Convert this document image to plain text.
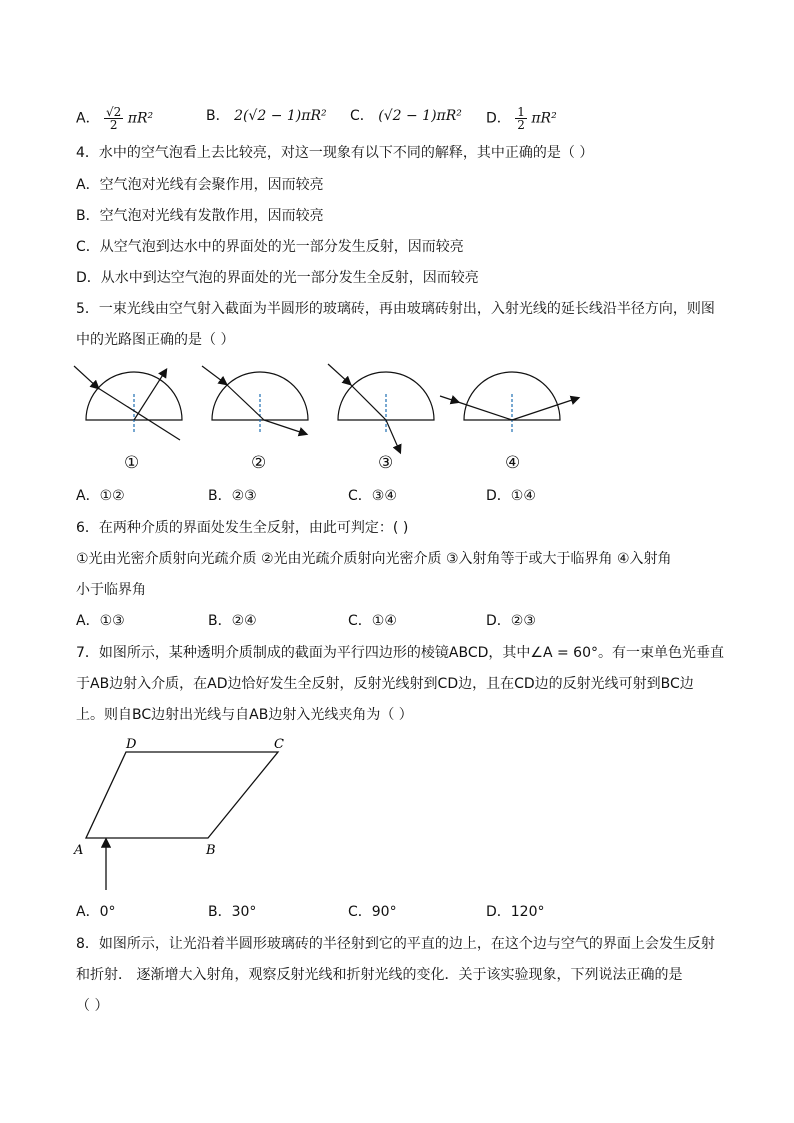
A． $\frac{√2}{2} \pi R^2$	B． 2(√2 − 1)πR² C． (√2 − 1)πR² D． $\frac{1}{2} \pi R^2$
4．水中的空气泡看上去比较亮，对这一现象有以下不同的解释，其中正确的是（ ）
A．空气泡对光线有会聚作用，因而较亮
B．空气泡对光线有发散作用，因而较亮
C．从空气泡到达水中的界面处的光一部分发生反射，因而较亮
D．从水中到达空气泡的界面处的光一部分发生全反射，因而较亮
5．一束光线由空气射入截面为半圆形的玻璃砖，再由玻璃砖射出，入射光线的延长线沿半径方向，则图
中的光路图正确的是（ ）
①	②	③	④
A．①②	B．②③	C．③④	D．①④
6．在两种介质的界面处发生全反射，由此可判定：( )
①光由光密介质射向光疏介质 ②光由光疏介质射向光密介质 ③入射角等于或大于临界角 ④入射角
小于临界角
A．①③	B．②④	C．①④	D．②③
7．如图所示，某种透明介质制成的截面为平行四边形的棱镜ABCD，其中∠A = 60°。有一束单色光垂直
于AB边射入介质，在AD边恰好发生全反射，反射光线射到CD边，且在CD边的反射光线可射到BC边
上。则自BC边射出光线与自AB边射入光线夹角为（ ）
A	B
C
D
A．0°	B．30°	C．90°	D．120°
8．如图所示，让光沿着半圆形玻璃砖的半径射到它的平直的边上，在这个边与空气的界面上会发生反射
和折射． 逐渐增大入射角，观察反射光线和折射光线的变化．关于该实验现象，下列说法正确的是
（ ）
